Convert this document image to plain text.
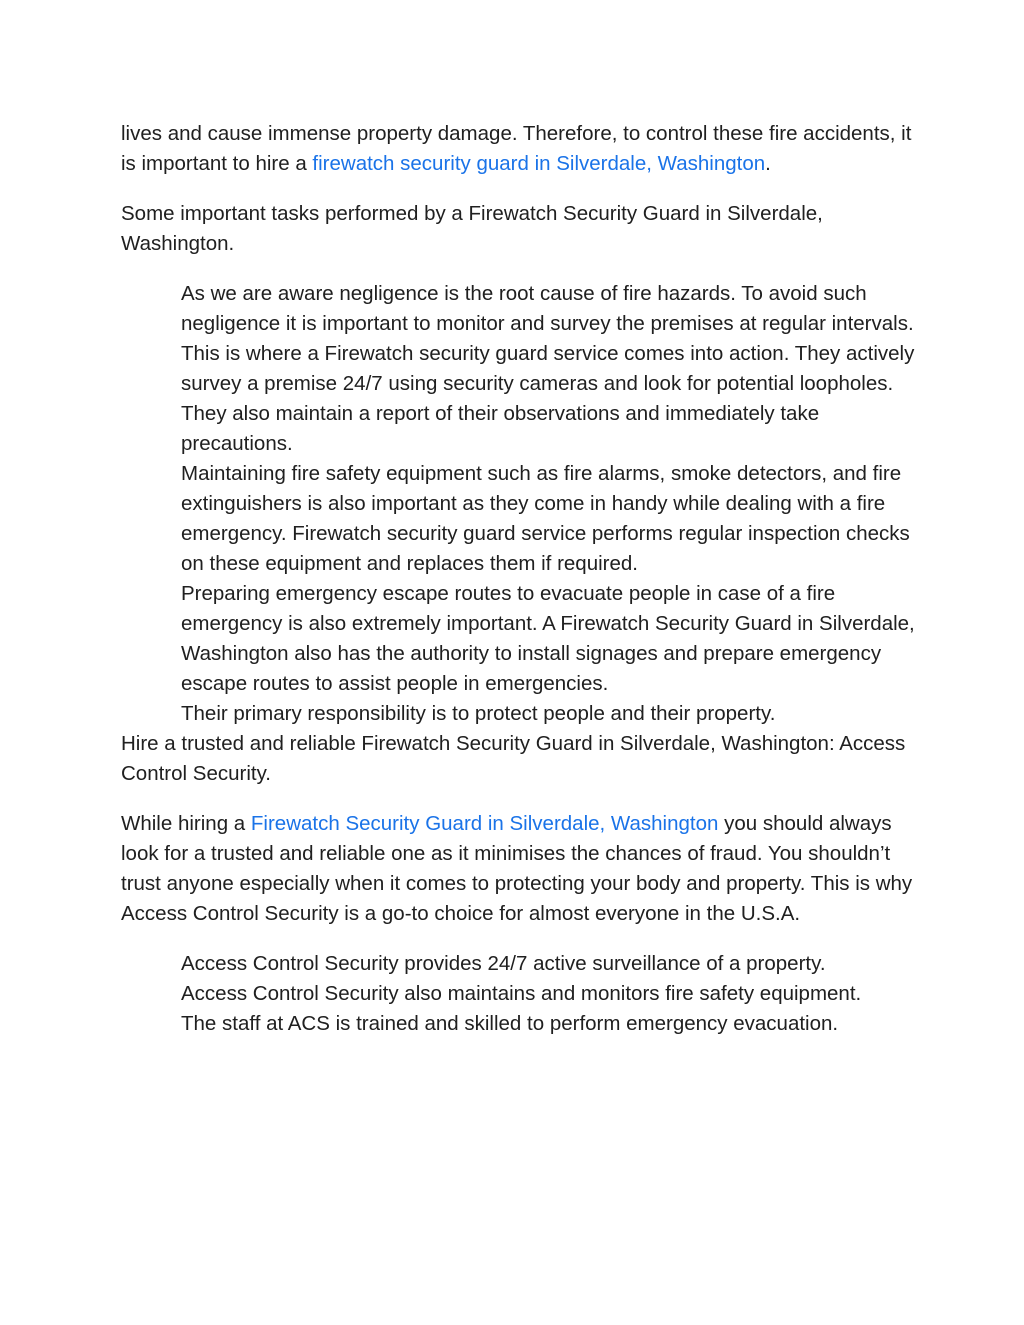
lives and cause immense property damage. Therefore, to control these fire accidents, it is important to hire a firewatch security guard in Silverdale, Washington.

Some important tasks performed by a Firewatch Security Guard in Silverdale, Washington.

As we are aware negligence is the root cause of fire hazards. To avoid such negligence it is important to monitor and survey the premises at regular intervals. This is where a Firewatch security guard service comes into action. They actively survey a premise 24/7 using security cameras and look for potential loopholes. They also maintain a report of their observations and immediately take precautions.

Maintaining fire safety equipment such as fire alarms, smoke detectors, and fire extinguishers is also important as they come in handy while dealing with a fire emergency. Firewatch security guard service performs regular inspection checks on these equipment and replaces them if required.

Preparing emergency escape routes to evacuate people in case of a fire emergency is also extremely important. A Firewatch Security Guard in Silverdale, Washington also has the authority to install signages and prepare emergency escape routes to assist people in emergencies.

Their primary responsibility is to protect people and their property.

Hire a trusted and reliable Firewatch Security Guard in Silverdale, Washington: Access Control Security.

While hiring a Firewatch Security Guard in Silverdale, Washington you should always look for a trusted and reliable one as it minimises the chances of fraud. You shouldn’t trust anyone especially when it comes to protecting your body and property. This is why Access Control Security is a go-to choice for almost everyone in the U.S.A.

Access Control Security provides 24/7 active surveillance of a property.

Access Control Security also maintains and monitors fire safety equipment.

The staff at ACS is trained and skilled to perform emergency evacuation.
